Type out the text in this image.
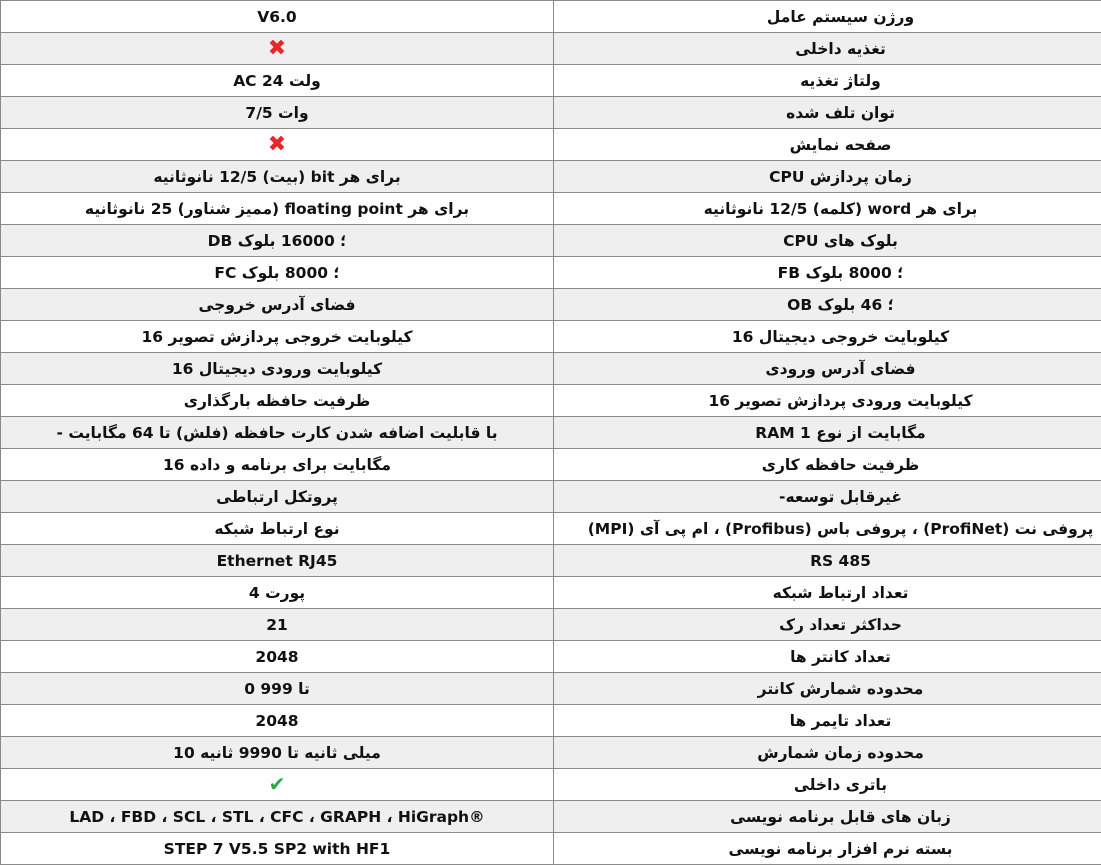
V6.0	ورژن سیستم عامل
✖	تغذیه داخلی
AC ولت 24	ولتاژ تغذیه
وات 7/5	توان تلف شده
✖	صفحه نمایش
برای هر bit (بیت) 12/5 نانوثانیه	زمان پردازش CPU
برای هر floating point (ممیز شناور) 25 نانوثانیه	برای هر word (کلمه) 12/5 نانوثانیه
؛ 16000 بلوک DB	بلوک های CPU
؛ 8000 بلوک FC	؛ 8000 بلوک FB
فضای آدرس خروجی	؛ 46 بلوک OB
کیلوبایت خروجی پردازش تصویر 16	کیلوبایت خروجی دیجیتال 16
کیلوبایت ورودی دیجیتال 16	فضای آدرس ورودی
ظرفیت حافظه بارگذاری	کیلوبایت ورودی پردازش تصویر 16
با قابلیت اضافه شدن کارت حافظه (فلش) تا 64 مگابایت -	RAM مگابایت از نوع 1
مگابایت برای برنامه و داده 16	ظرفیت حافظه کاری
پروتکل ارتباطی	غیرقابل توسعه-
نوع ارتباط شبکه	پروفی نت (ProfiNet) ، پروفی باس (Profibus) ، ام پی آی (MPI)
Ethernet RJ45	RS 485
پورت 4	تعداد ارتباط شبکه
21	حداکثر تعداد رک
2048	تعداد کانتر ها
تا 999 0	محدوده شمارش کانتر
2048	تعداد تایمر ها
میلی ثانیه تا 9990 ثانیه 10	محدوده زمان شمارش
✔	باتری داخلی
LAD ، FBD ، SCL ، STL ، CFC ، GRAPH ، HiGraph®	زبان های قابل برنامه نویسی
STEP 7 V5.5 SP2 with HF1	بسته نرم افزار برنامه نویسی
